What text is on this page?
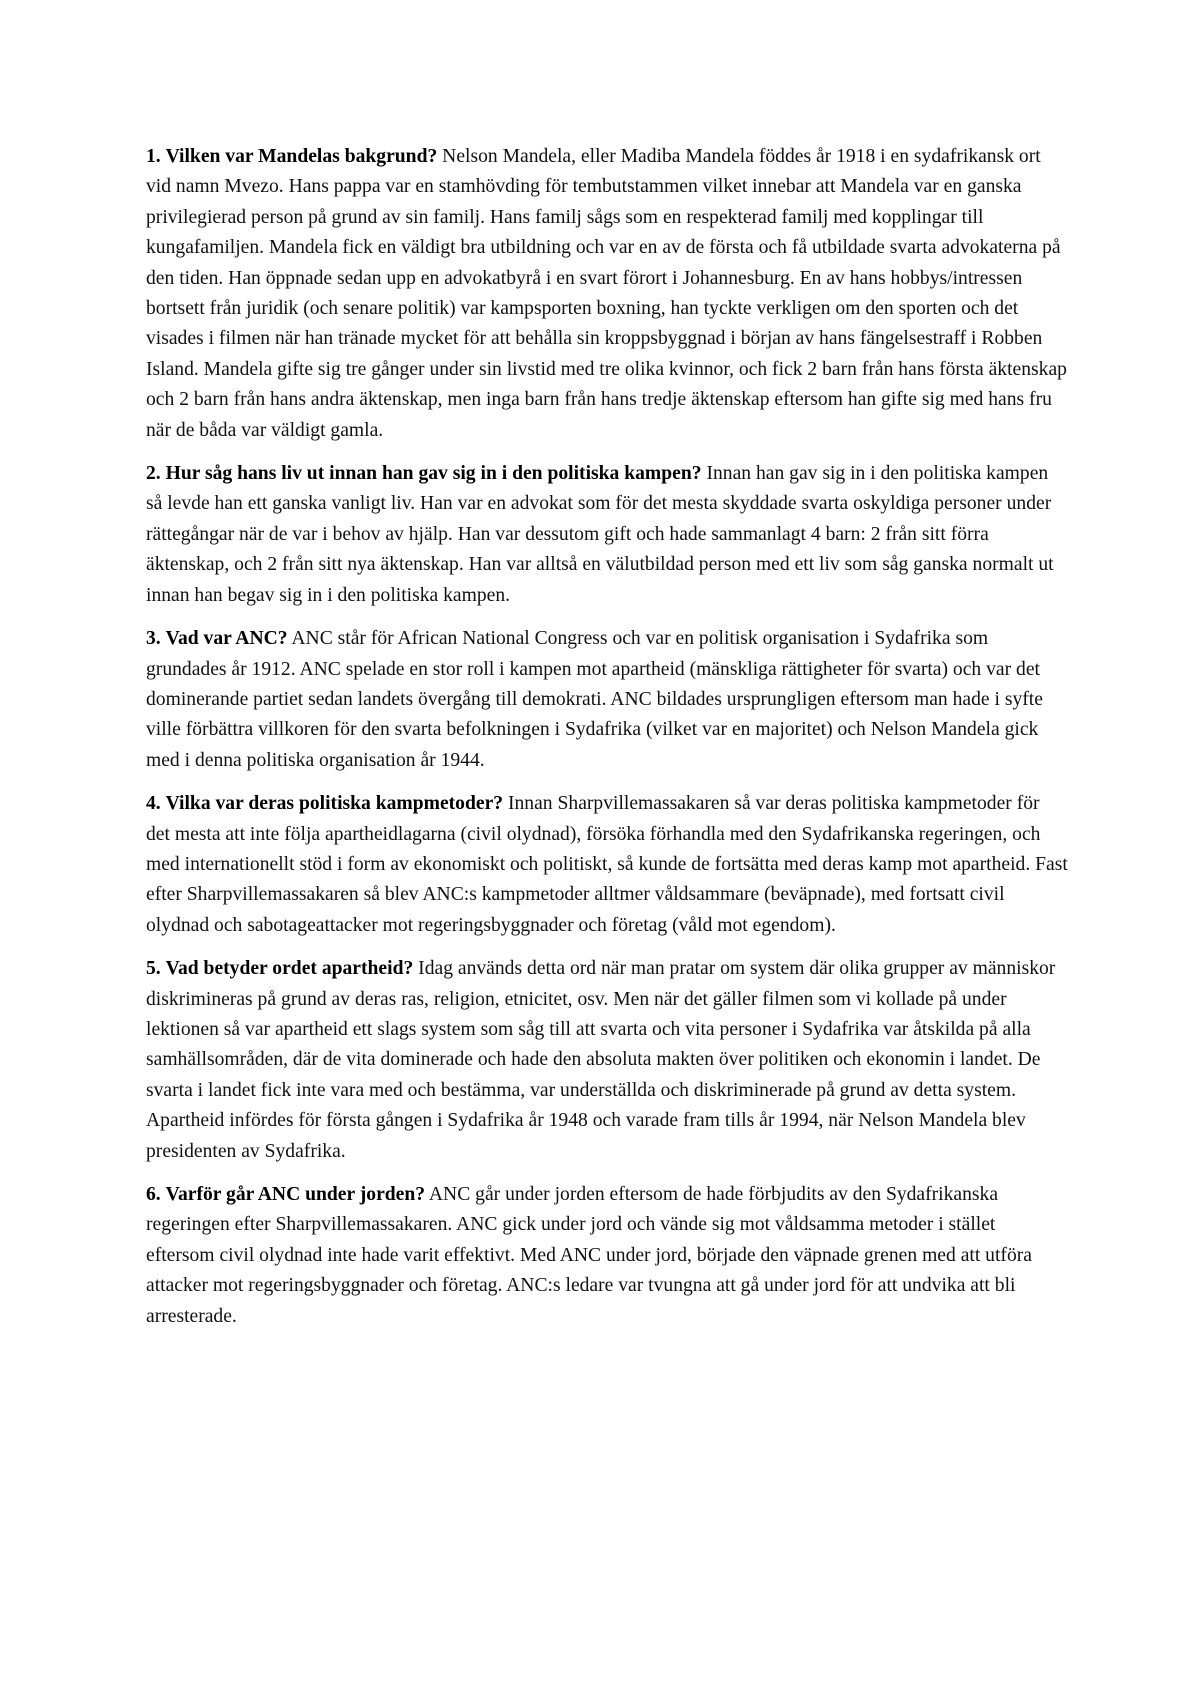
1. Vilken var Mandelas bakgrund? Nelson Mandela, eller Madiba Mandela föddes år 1918 i en sydafrikansk ort vid namn Mvezo. Hans pappa var en stamhövding för tembutstammen vilket innebar att Mandela var en ganska privilegierad person på grund av sin familj. Hans familj sågs som en respekterad familj med kopplingar till kungafamiljen. Mandela fick en väldigt bra utbildning och var en av de första och få utbildade svarta advokaterna på den tiden. Han öppnade sedan upp en advokatbyrå i en svart förort i Johannesburg. En av hans hobbys/intressen bortsett från juridik (och senare politik) var kampsporten boxning, han tyckte verkligen om den sporten och det visades i filmen när han tränade mycket för att behålla sin kroppsbyggnad i början av hans fängelsestraff i Robben Island. Mandela gifte sig tre gånger under sin livstid med tre olika kvinnor, och fick 2 barn från hans första äktenskap och 2 barn från hans andra äktenskap, men inga barn från hans tredje äktenskap eftersom han gifte sig med hans fru när de båda var väldigt gamla.

2. Hur såg hans liv ut innan han gav sig in i den politiska kampen? Innan han gav sig in i den politiska kampen så levde han ett ganska vanligt liv. Han var en advokat som för det mesta skyddade svarta oskyldiga personer under rättegångar när de var i behov av hjälp. Han var dessutom gift och hade sammanlagt 4 barn: 2 från sitt förra äktenskap, och 2 från sitt nya äktenskap. Han var alltså en välutbildad person med ett liv som såg ganska normalt ut innan han begav sig in i den politiska kampen.

3. Vad var ANC? ANC står för African National Congress och var en politisk organisation i Sydafrika som grundades år 1912. ANC spelade en stor roll i kampen mot apartheid (mänskliga rättigheter för svarta) och var det dominerande partiet sedan landets övergång till demokrati. ANC bildades ursprungligen eftersom man hade i syfte ville förbättra villkoren för den svarta befolkningen i Sydafrika (vilket var en majoritet) och Nelson Mandela gick med i denna politiska organisation år 1944.

4. Vilka var deras politiska kampmetoder? Innan Sharpvillemassakaren så var deras politiska kampmetoder för det mesta att inte följa apartheidlagarna (civil olydnad), försöka förhandla med den Sydafrikanska regeringen, och med internationellt stöd i form av ekonomiskt och politiskt, så kunde de fortsätta med deras kamp mot apartheid. Fast efter Sharpvillemassakaren så blev ANC:s kampmetoder alltmer våldsammare (beväpnade), med fortsatt civil olydnad och sabotageattacker mot regeringsbyggnader och företag (våld mot egendom).

5. Vad betyder ordet apartheid? Idag används detta ord när man pratar om system där olika grupper av människor diskrimineras på grund av deras ras, religion, etnicitet, osv. Men när det gäller filmen som vi kollade på under lektionen så var apartheid ett slags system som såg till att svarta och vita personer i Sydafrika var åtskilda på alla samhällsområden, där de vita dominerade och hade den absoluta makten över politiken och ekonomin i landet. De svarta i landet fick inte vara med och bestämma, var underställda och diskriminerade på grund av detta system. Apartheid infördes för första gången i Sydafrika år 1948 och varade fram tills år 1994, när Nelson Mandela blev presidenten av Sydafrika.

6. Varför går ANC under jorden? ANC går under jorden eftersom de hade förbjudits av den Sydafrikanska regeringen efter Sharpvillemassakaren. ANC gick under jord och vände sig mot våldsamma metoder i stället eftersom civil olydnad inte hade varit effektivt. Med ANC under jord, började den väpnade grenen med att utföra attacker mot regeringsbyggnader och företag. ANC:s ledare var tvungna att gå under jord för att undvika att bli arresterade.
